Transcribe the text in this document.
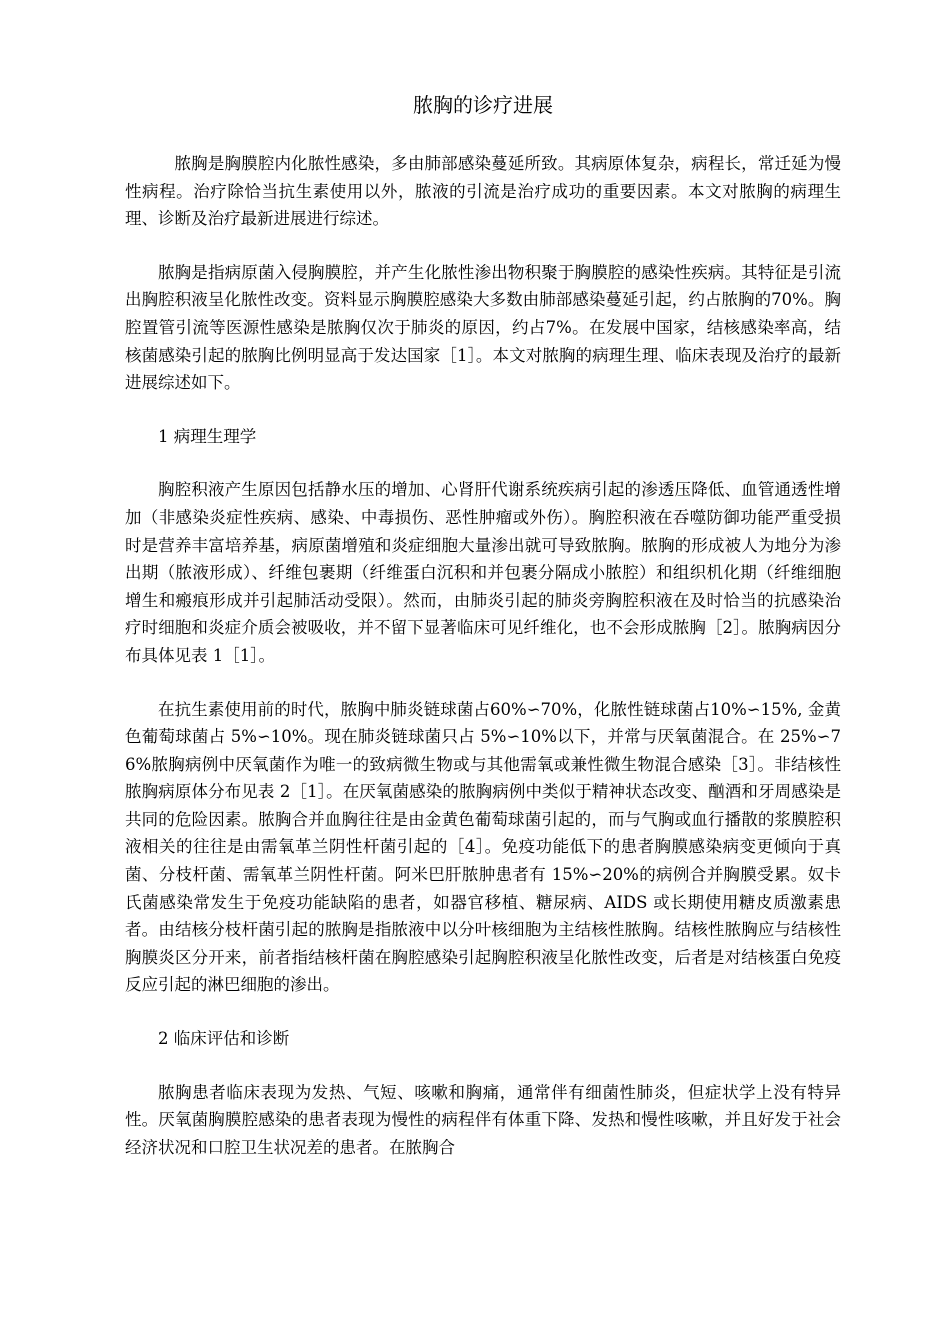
脓胸的诊疗进展

脓胸是胸膜腔内化脓性感染，多由肺部感染蔓延所致。其病原体复杂，病程长，常迁延为慢性病程。治疗除恰当抗生素使用以外，脓液的引流是治疗成功的重要因素。本文对脓胸的病理生理、诊断及治疗最新进展进行综述。

脓胸是指病原菌入侵胸膜腔，并产生化脓性渗出物积聚于胸膜腔的感染性疾病。其特征是引流出胸腔积液呈化脓性改变。资料显示胸膜腔感染大多数由肺部感染蔓延引起，约占脓胸的70%。胸腔置管引流等医源性感染是脓胸仅次于肺炎的原因，约占7%。在发展中国家，结核感染率高，结核菌感染引起的脓胸比例明显高于发达国家［1］。本文对脓胸的病理生理、临床表现及治疗的最新进展综述如下。

1 病理生理学

胸腔积液产生原因包括静水压的增加、心肾肝代谢系统疾病引起的渗透压降低、血管通透性增加（非感染炎症性疾病、感染、中毒损伤、恶性肿瘤或外伤）。胸腔积液在吞噬防御功能严重受损时是营养丰富培养基，病原菌增殖和炎症细胞大量渗出就可导致脓胸。脓胸的形成被人为地分为渗出期（脓液形成）、纤维包裹期（纤维蛋白沉积和并包裹分隔成小脓腔）和组织机化期（纤维细胞增生和瘢痕形成并引起肺活动受限）。然而，由肺炎引起的肺炎旁胸腔积液在及时恰当的抗感染治疗时细胞和炎症介质会被吸收，并不留下显著临床可见纤维化，也不会形成脓胸［2］。脓胸病因分布具体见表 1［1］。

在抗生素使用前的时代，脓胸中肺炎链球菌占60%∽70%，化脓性链球菌占10%∽15%, 金黄色葡萄球菌占 5%∽10%。现在肺炎链球菌只占 5%∽10%以下，并常与厌氧菌混合。在 25%∽76%脓胸病例中厌氧菌作为唯一的致病微生物或与其他需氧或兼性微生物混合感染［3］。非结核性脓胸病原体分布见表 2［1］。在厌氧菌感染的脓胸病例中类似于精神状态改变、酗酒和牙周感染是共同的危险因素。脓胸合并血胸往往是由金黄色葡萄球菌引起的，而与气胸或血行播散的浆膜腔积液相关的往往是由需氧革兰阴性杆菌引起的［4］。免疫功能低下的患者胸膜感染病变更倾向于真菌、分枝杆菌、需氧革兰阴性杆菌。阿米巴肝脓肿患者有 15%∽20%的病例合并胸膜受累。奴卡氏菌感染常发生于免疫功能缺陷的患者，如器官移植、糖尿病、AIDS 或长期使用糖皮质激素患者。由结核分枝杆菌引起的脓胸是指脓液中以分叶核细胞为主结核性脓胸。结核性脓胸应与结核性胸膜炎区分开来，前者指结核杆菌在胸腔感染引起胸腔积液呈化脓性改变，后者是对结核蛋白免疫反应引起的淋巴细胞的渗出。

2 临床评估和诊断

脓胸患者临床表现为发热、气短、咳嗽和胸痛，通常伴有细菌性肺炎，但症状学上没有特异性。厌氧菌胸膜腔感染的患者表现为慢性的病程伴有体重下降、发热和慢性咳嗽，并且好发于社会经济状况和口腔卫生状况差的患者。在脓胸合
